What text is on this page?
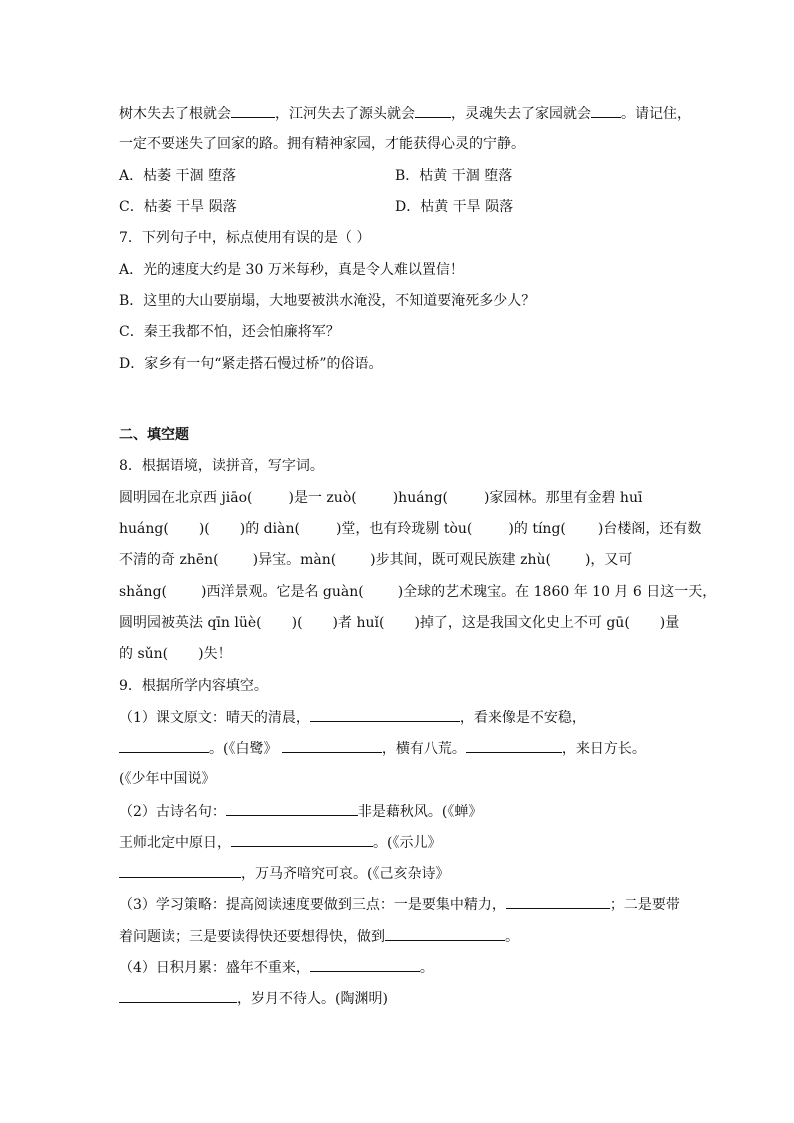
树木失去了根就会	，江河失去了源头就会	，灵魂失去了家园就会 。请记住，
一定不要迷失了回家的路。拥有精神家园，才能获得心灵的宁静。
A．枯萎 干涸 堕落	B．枯黄 干涸 堕落
C．枯萎 干旱 陨落	D．枯黄 干旱 陨落
7．下列句子中，标点使用有误的是（ ）
A．光的速度大约是 30 万米每秒，真是令人难以置信！
B．这里的大山要崩塌，大地要被洪水淹没，不知道要淹死多少人？
C．秦王我都不怕，还会怕廉将军？
D．家乡有一句“紧走搭石慢过桥”的俗语。
二、填空题
8．根据语境，读拼音，写字词。
圆明园在北京西 jiāo(	)是一 zuò(	)huáng(	)家园林。那里有金碧 huī
huáng( )( )的 diàn(	)堂，也有玲珑剔 tòu(	)的 tíng( )台楼阁，还有数
不清的奇 zhēn( )异宝。màn( )步其间，既可观民族建 zhù( )，又可
shǎng( )西洋景观。它是名 guàn( )全球的艺术瑰宝。在 1860 年 10 月 6 日这一天，
圆明园被英法 qīn lüè( )( )者 huǐ( )掉了，这是我国文化史上不可 gū( )量
的 sǔn( )失！
9．根据所学内容填空。
（1）课文原文：晴天的清晨，	，看来像是不安稳，
。(《白鹭》	，横有八荒。	，来日方长。
(《少年中国说》
（2）古诗名句：	非是藉秋风。(《蝉》
王师北定中原日，	。(《示儿》
，万马齐喑究可哀。(《己亥杂诗》
（3）学习策略：提高阅读速度要做到三点：一是要集中精力，	；二是要带
着问题读；三是要读得快还要想得快，做到	。
（4）日积月累：盛年不重来，	。
，岁月不待人。(陶渊明)
